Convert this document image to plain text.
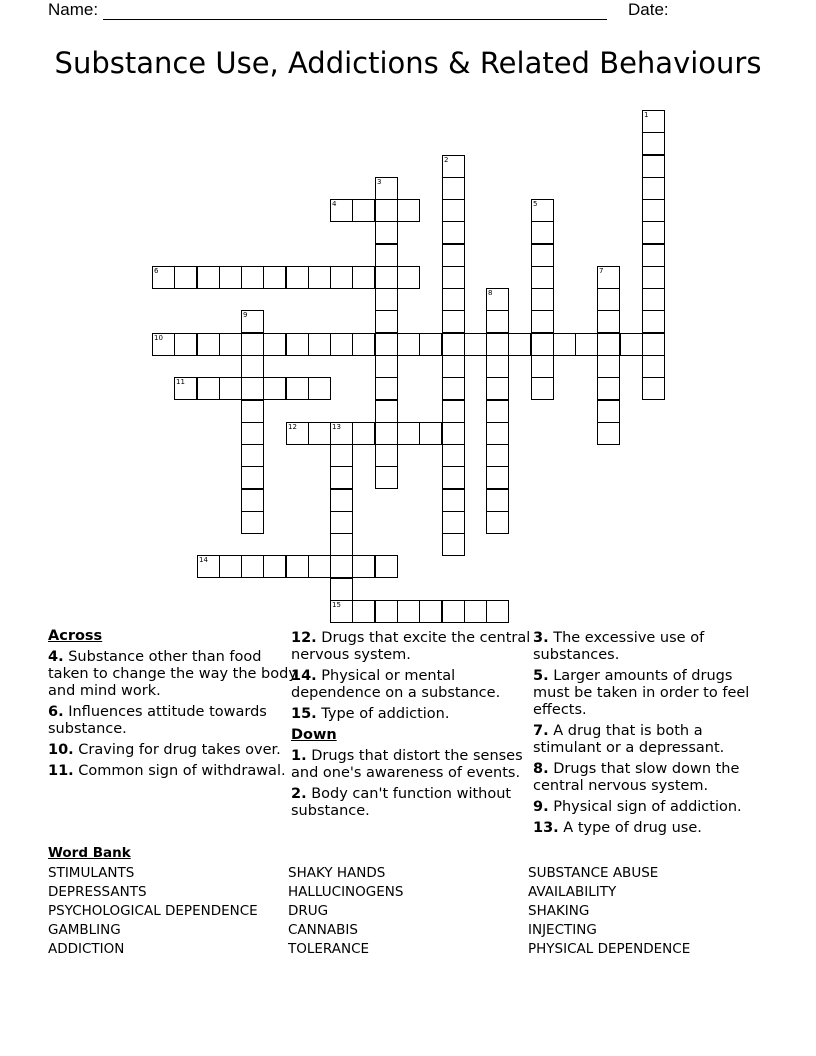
Name:	Date:
Substance Use, Addictions & Related Behaviours
1
2
3
4	5
6	7
8
9
10
11
12	13
15
14
Across
4. Substance other than food taken to change the way the body and mind work.
6. Influences attitude towards substance.
10. Craving for drug takes over.
11. Common sign of withdrawal.
12. Drugs that excite the central nervous system.
14. Physical or mental dependence on a substance.
15. Type of addiction.
Down
1. Drugs that distort the senses and one's awareness of events.
2. Body can't function without substance.
3. The excessive use of substances.
5. Larger amounts of drugs must be taken in order to feel effects.
7. A drug that is both a stimulant or a depressant.
8. Drugs that slow down the central nervous system.
9. Physical sign of addiction.
13. A type of drug use.
Word Bank
STIMULANTS
DEPRESSANTS
PSYCHOLOGICAL DEPENDENCE
GAMBLING
ADDICTION
SHAKY HANDS
HALLUCINOGENS
DRUG
CANNABIS
TOLERANCE
SUBSTANCE ABUSE
AVAILABILITY
SHAKING
INJECTING
PHYSICAL DEPENDENCE
